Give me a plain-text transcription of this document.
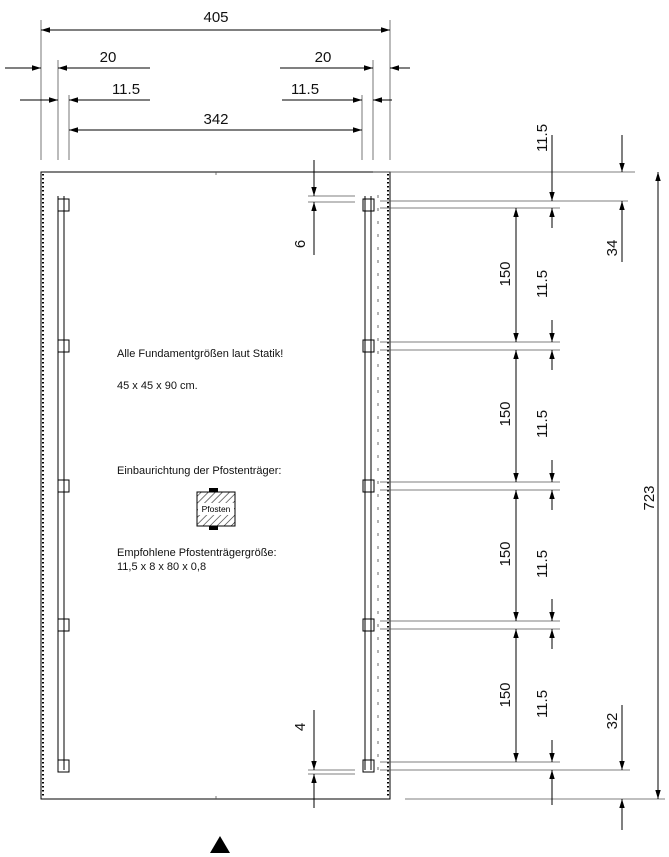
405
20	20
11.5	11.5
342
11.5
34
723
32
6
4
150
150
150
150
11.5
11.5
11.5
11.5
Alle Fundamentgrößen laut Statik!
45 x 45 x 90 cm.
Einbaurichtung der Pfostenträger:
Pfosten
Empfohlene Pfostenträgergröße:
11,5 x 8 x 80 x 0,8
